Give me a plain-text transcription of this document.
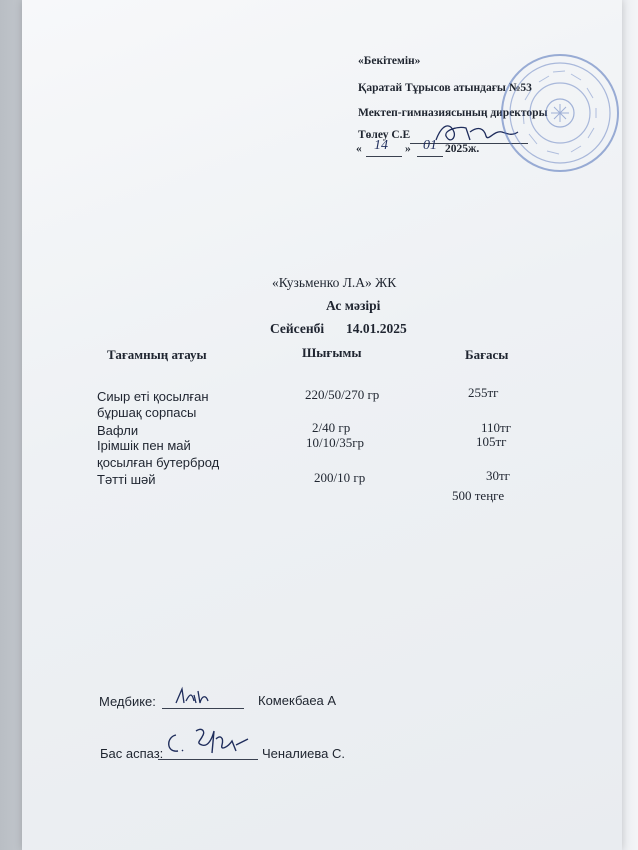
«Бекітемін»
Қаратай Тұрысов атындағы №53
Мектеп-гимназиясының директоры
Төлеу С.Е
« 14 » 01 2025ж.
«Кузьменко Л.А» ЖК
Ас мәзірі
Сейсенбі 14.01.2025
Тағамның атауы	Шығымы	Бағасы
Сиыр еті қосылған
бұршақ сорпасы
220/50/270 гр	255тг
Вафли	2/40 гр	110тг
Ірімшік пен май
қосылған бутерброд
10/10/35гр	105тг
Тәтті шәй	200/10 гр	30тг
500 теңге
Медбике:	Комекбаеа А
Бас аспаз:	Ченалиева С.
